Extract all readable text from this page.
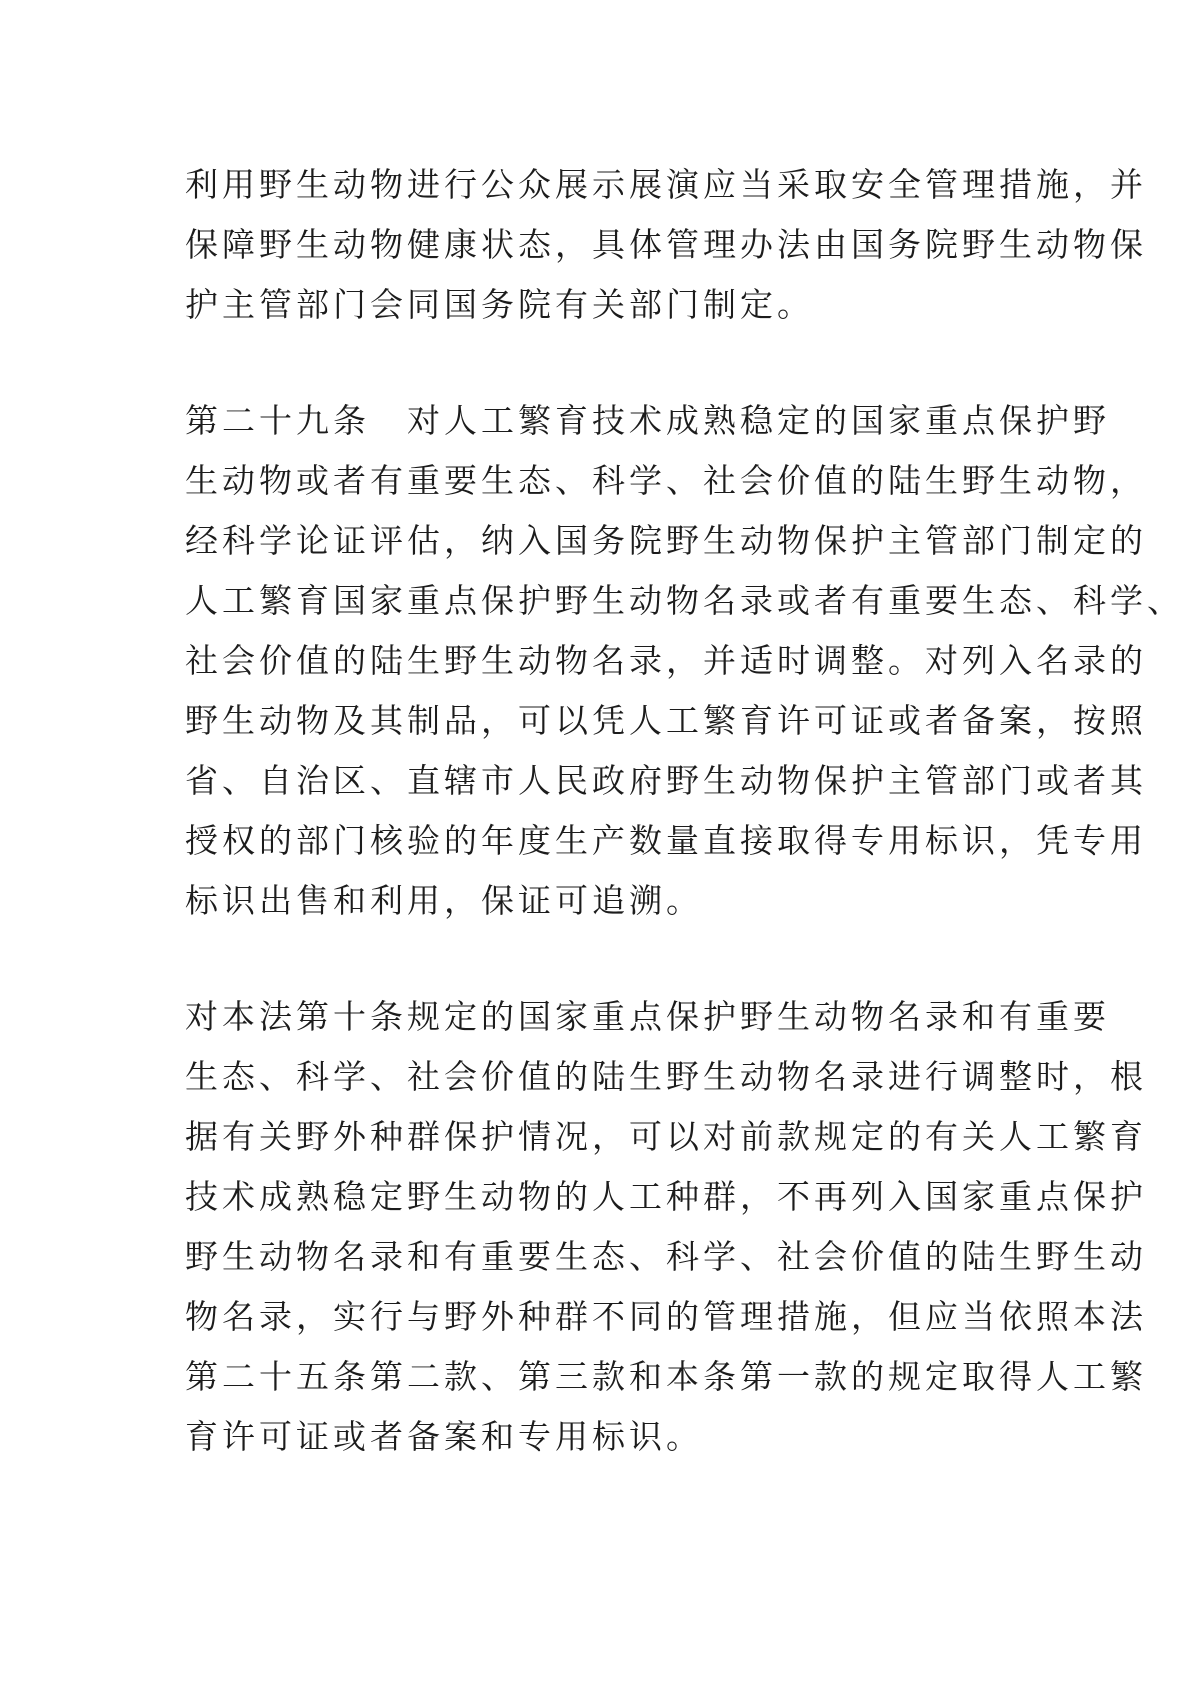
利用野生动物进行公众展示展演应当采取安全管理措施，并
保障野生动物健康状态，具体管理办法由国务院野生动物保
护主管部门会同国务院有关部门制定。

第二十九条　对人工繁育技术成熟稳定的国家重点保护野
生动物或者有重要生态、科学、社会价值的陆生野生动物，
经科学论证评估，纳入国务院野生动物保护主管部门制定的
人工繁育国家重点保护野生动物名录或者有重要生态、科学、
社会价值的陆生野生动物名录，并适时调整。对列入名录的
野生动物及其制品，可以凭人工繁育许可证或者备案，按照
省、自治区、直辖市人民政府野生动物保护主管部门或者其
授权的部门核验的年度生产数量直接取得专用标识，凭专用
标识出售和利用，保证可追溯。

对本法第十条规定的国家重点保护野生动物名录和有重要
生态、科学、社会价值的陆生野生动物名录进行调整时，根
据有关野外种群保护情况，可以对前款规定的有关人工繁育
技术成熟稳定野生动物的人工种群，不再列入国家重点保护
野生动物名录和有重要生态、科学、社会价值的陆生野生动
物名录，实行与野外种群不同的管理措施，但应当依照本法
第二十五条第二款、第三款和本条第一款的规定取得人工繁
育许可证或者备案和专用标识。
